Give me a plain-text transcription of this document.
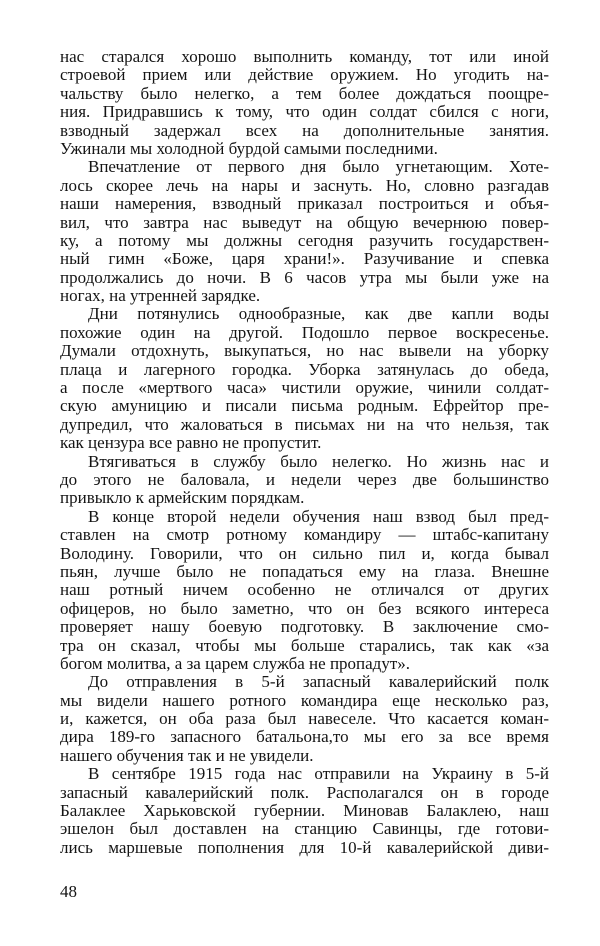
нас старался хорошо выполнить команду, тот или иной
строевой прием или действие оружием. Но угодить на-
чальству было нелегко, а тем более дождаться поощре-
ния. Придравшись к тому, что один солдат сбился с ноги,
взводный задержал всех на дополнительные занятия.
Ужинали мы холодной бурдой самыми последними.
Впечатление от первого дня было угнетающим. Хоте-
лось скорее лечь на нары и заснуть. Но, словно разгадав
наши намерения, взводный приказал построиться и объя-
вил, что завтра нас выведут на общую вечернюю повер-
ку, а потому мы должны сегодня разучить государствен-
ный гимн «Боже, царя храни!». Разучивание и спевка
продолжались до ночи. В 6 часов утра мы были уже на
ногах, на утренней зарядке.
Дни потянулись однообразные, как две капли воды
похожие один на другой. Подошло первое воскресенье.
Думали отдохнуть, выкупаться, но нас вывели на уборку
плаца и лагерного городка. Уборка затянулась до обеда,
а после «мертвого часа» чистили оружие, чинили солдат-
скую амуницию и писали письма родным. Ефрейтор пре-
дупредил, что жаловаться в письмах ни на что нельзя, так
как цензура все равно не пропустит.
Втягиваться в службу было нелегко. Но жизнь нас и
до этого не баловала, и недели через две большинство
привыкло к армейским порядкам.
В конце второй недели обучения наш взвод был пред-
ставлен на смотр ротному командиру — штабс-капитану
Володину. Говорили, что он сильно пил и, когда бывал
пьян, лучше было не попадаться ему на глаза. Внешне
наш ротный ничем особенно не отличался от других
офицеров, но было заметно, что он без всякого интереса
проверяет нашу боевую подготовку. В заключение смо-
тра он сказал, чтобы мы больше старались, так как «за
богом молитва, а за царем служба не пропадут».
До отправления в 5-й запасный кавалерийский полк
мы видели нашего ротного командира еще несколько раз,
и, кажется, он оба раза был навеселе. Что касается коман-
дира 189-го запасного батальона,то мы его за все время
нашего обучения так и не увидели.
В сентябре 1915 года нас отправили на Украину в 5-й
запасный кавалерийский полк. Располагался он в городе
Балаклее Харьковской губернии. Миновав Балаклею, наш
эшелон был доставлен на станцию Савинцы, где готови-
лись маршевые пополнения для 10-й кавалерийской диви-
48
